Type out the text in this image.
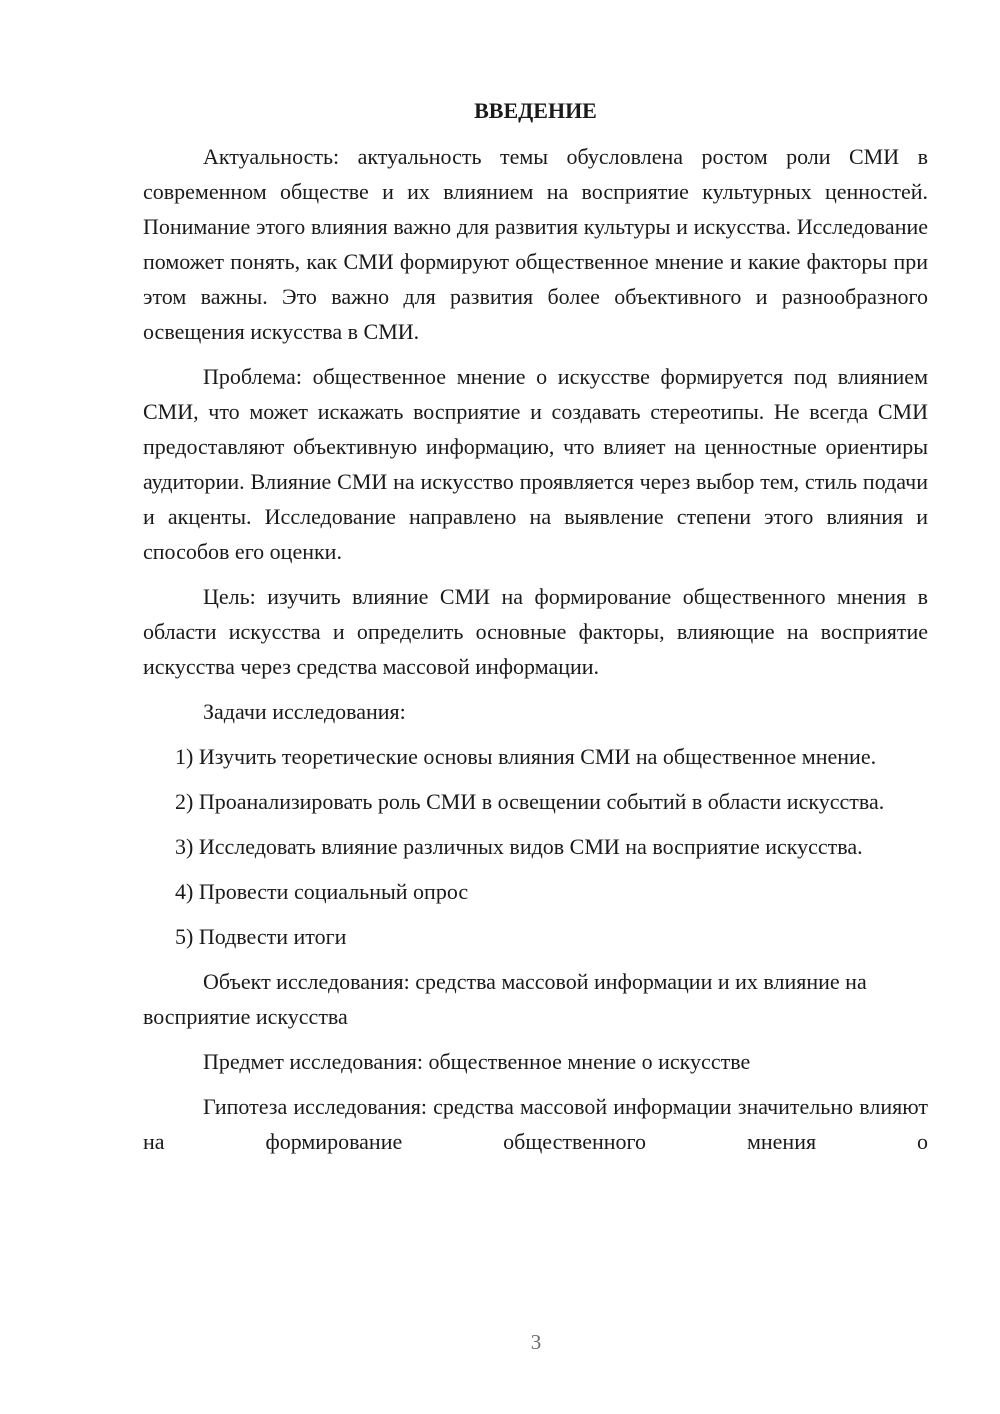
ВВЕДЕНИЕ

Актуальность: актуальность темы обусловлена ростом роли СМИ в современном обществе и их влиянием на восприятие культурных ценностей. Понимание этого влияния важно для развития культуры и искусства. Исследование поможет понять, как СМИ формируют общественное мнение и какие факторы при этом важны. Это важно для развития более объективного и разнообразного освещения искусства в СМИ.

Проблема: общественное мнение о искусстве формируется под влиянием СМИ, что может искажать восприятие и создавать стереотипы. Не всегда СМИ предоставляют объективную информацию, что влияет на ценностные ориентиры аудитории. Влияние СМИ на искусство проявляется через выбор тем, стиль подачи и акценты. Исследование направлено на выявление степени этого влияния и способов его оценки.

Цель: изучить влияние СМИ на формирование общественного мнения в области искусства и определить основные факторы, влияющие на восприятие искусства через средства массовой информации.

Задачи исследования:

1) Изучить теоретические основы влияния СМИ на общественное мнение.

2) Проанализировать роль СМИ в освещении событий в области искусства.

3) Исследовать влияние различных видов СМИ на восприятие искусства.

4) Провести социальный опрос

5) Подвести итоги

Объект исследования: средства массовой информации и их влияние на восприятие искусства

Предмет исследования: общественное мнение о искусстве

Гипотеза исследования: средства массовой информации значительно влияют на формирование общественного мнения о

3
